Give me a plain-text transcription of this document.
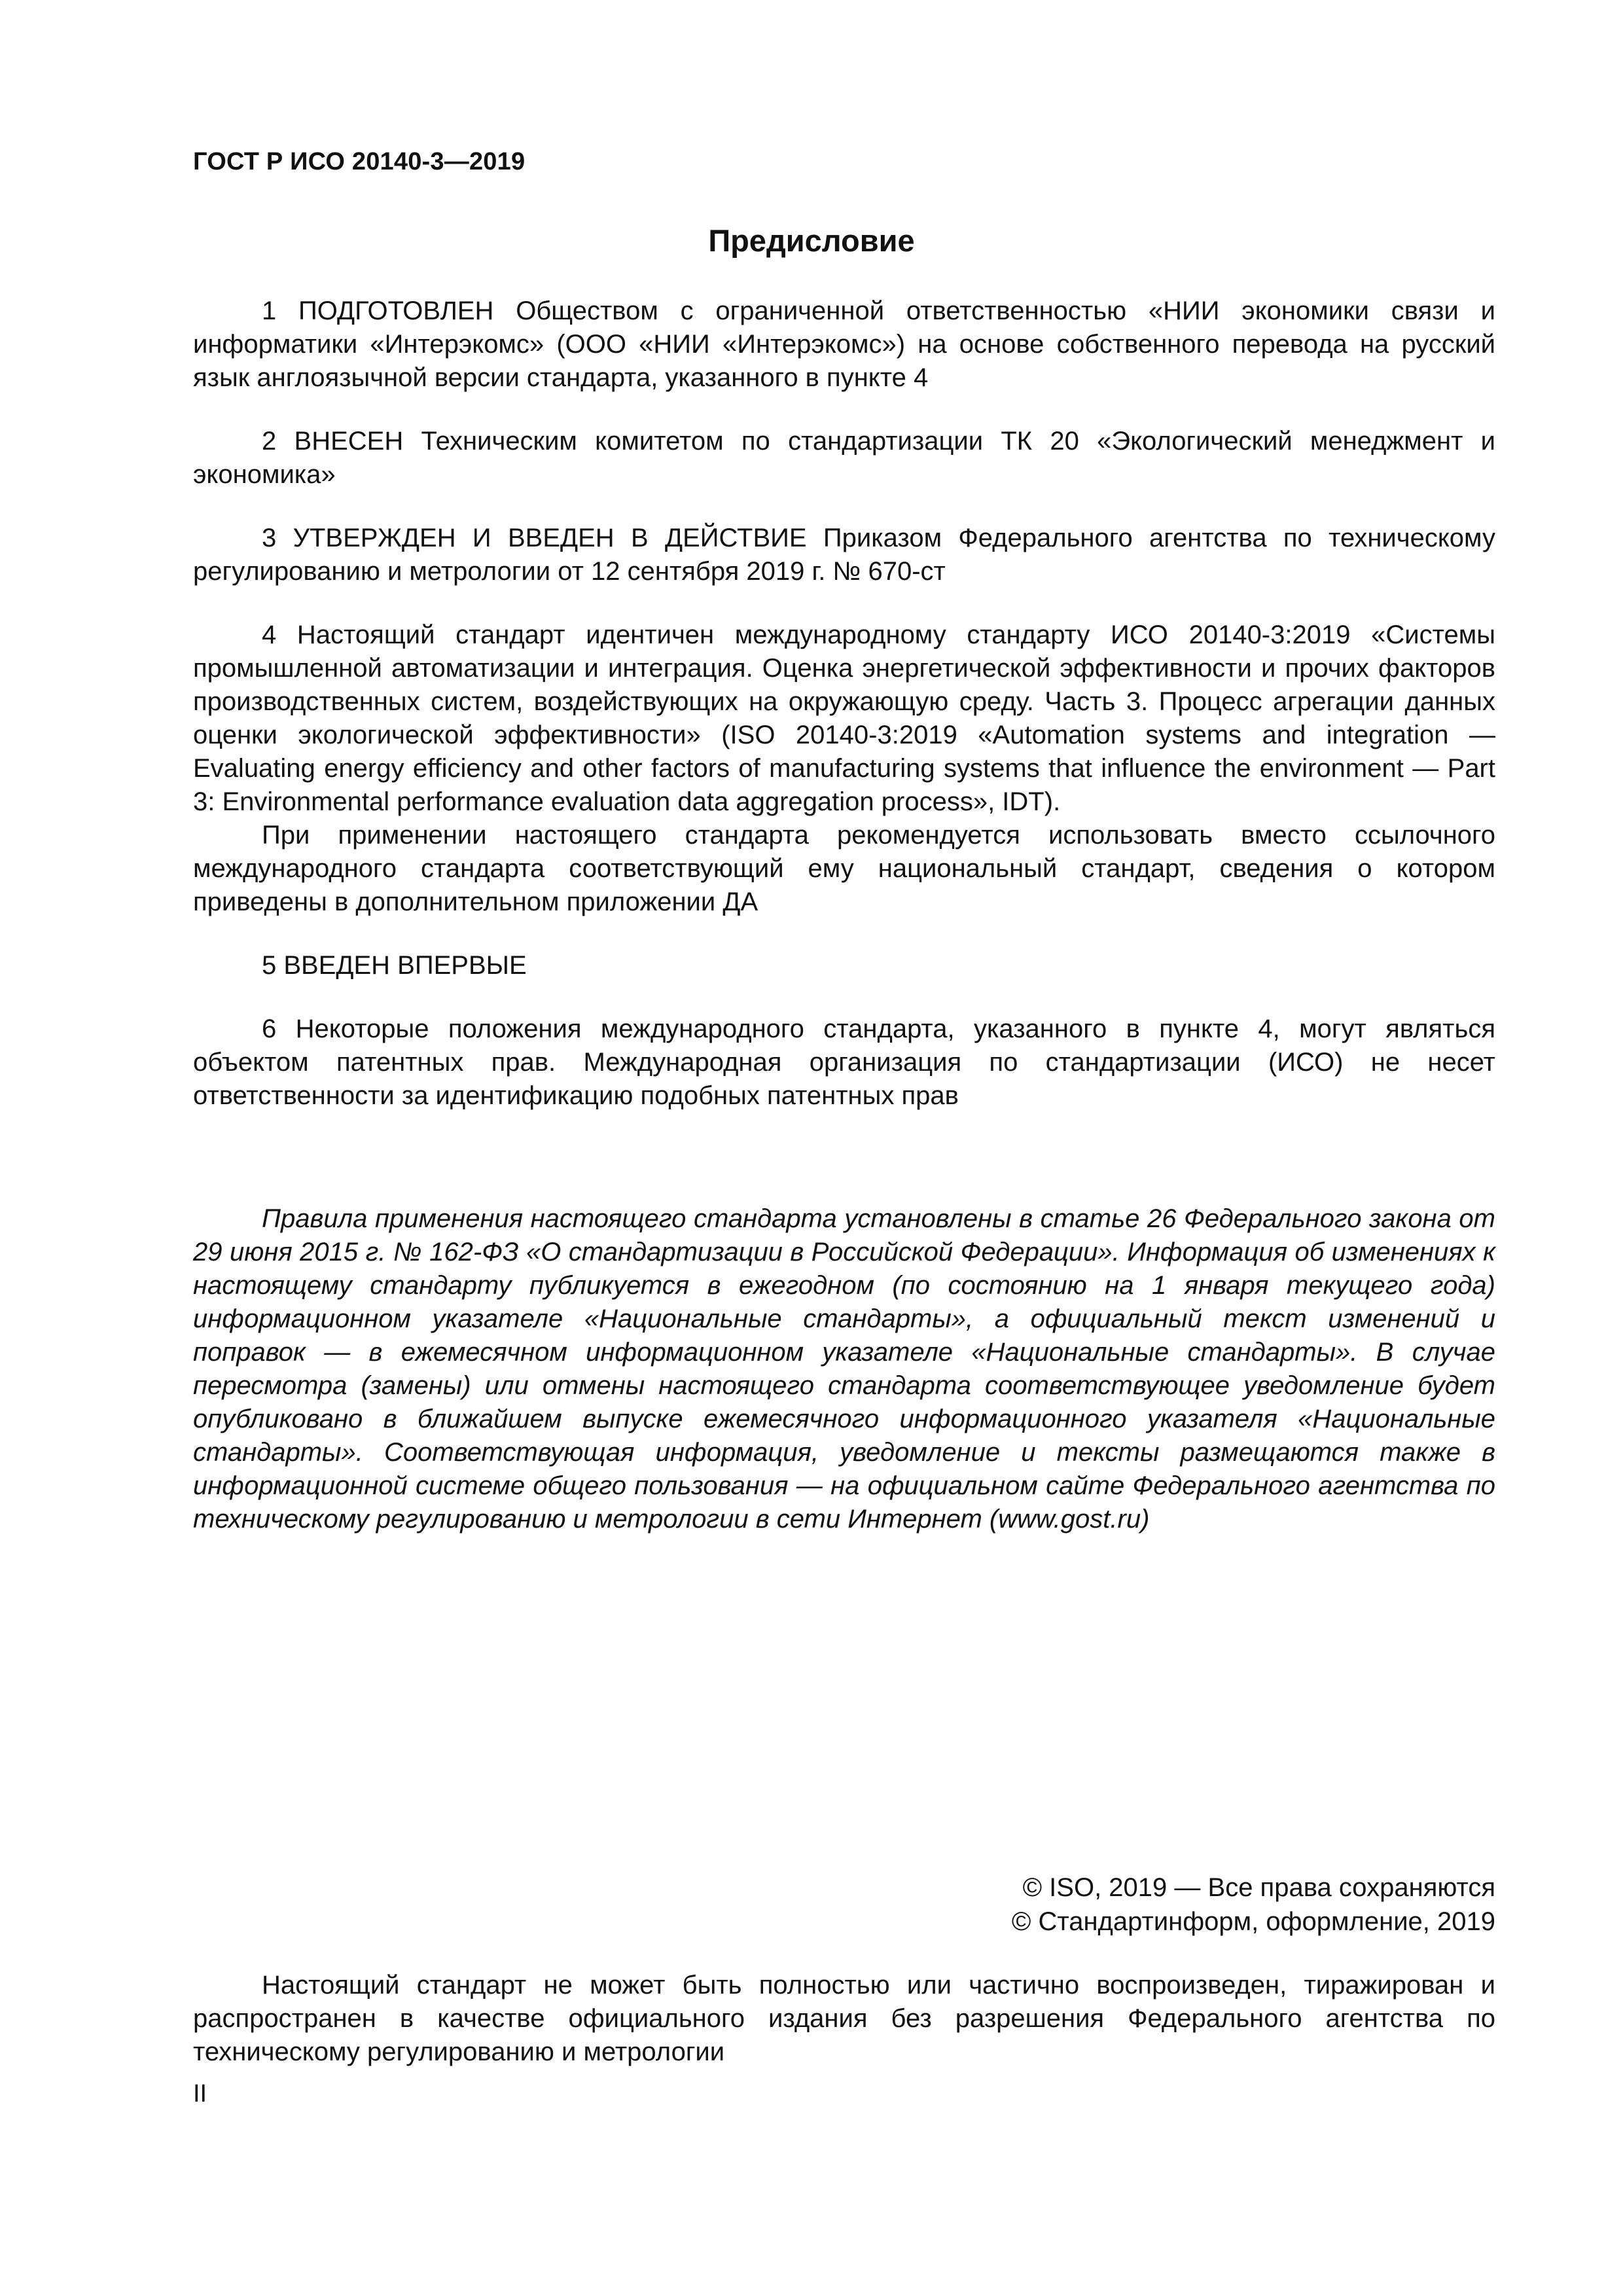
ГОСТ Р ИСО 20140-3—2019
Предисловие

1 ПОДГОТОВЛЕН Обществом с ограниченной ответственностью «НИИ экономики связи и информатики «Интерэкомс» (ООО «НИИ «Интерэкомс») на основе собственного перевода на русский язык англоязычной версии стандарта, указанного в пункте 4

2 ВНЕСЕН Техническим комитетом по стандартизации ТК 20 «Экологический менеджмент и экономика»

3 УТВЕРЖДЕН И ВВЕДЕН В ДЕЙСТВИЕ Приказом Федерального агентства по техническому регулированию и метрологии от 12 сентября 2019 г. № 670-ст

4 Настоящий стандарт идентичен международному стандарту ИСО 20140-3:2019 «Системы промышленной автоматизации и интеграция. Оценка энергетической эффективности и прочих факторов производственных систем, воздействующих на окружающую среду. Часть 3. Процесс агрегации данных оценки экологической эффективности» (ISO 20140-3:2019 «Automation systems and integration — Evaluating energy efficiency and other factors of manufacturing systems that influence the environment — Part 3: Environmental performance evaluation data aggregation process», IDT).

При применении настоящего стандарта рекомендуется использовать вместо ссылочного международного стандарта соответствующий ему национальный стандарт, сведения о котором приведены в дополнительном приложении ДА

5 ВВЕДЕН ВПЕРВЫЕ

6 Некоторые положения международного стандарта, указанного в пункте 4, могут являться объектом патентных прав. Международная организация по стандартизации (ИСО) не несет ответственности за идентификацию подобных патентных прав

Правила применения настоящего стандарта установлены в статье 26 Федерального закона от 29 июня 2015 г. № 162-ФЗ «О стандартизации в Российской Федерации». Информация об изменениях к настоящему стандарту публикуется в ежегодном (по состоянию на 1 января текущего года) информационном указателе «Национальные стандарты», а официальный текст изменений и поправок — в ежемесячном информационном указателе «Национальные стандарты». В случае пересмотра (замены) или отмены настоящего стандарта соответствующее уведомление будет опубликовано в ближайшем выпуске ежемесячного информационного указателя «Национальные стандарты». Соответствующая информация, уведомление и тексты размещаются также в информационной системе общего пользования — на официальном сайте Федерального агентства по техническому регулированию и метрологии в сети Интернет (www.gost.ru)

© ISO, 2019 — Все права сохраняются
© Стандартинформ, оформление, 2019

Настоящий стандарт не может быть полностью или частично воспроизведен, тиражирован и распространен в качестве официального издания без разрешения Федерального агентства по техническому регулированию и метрологии

II
